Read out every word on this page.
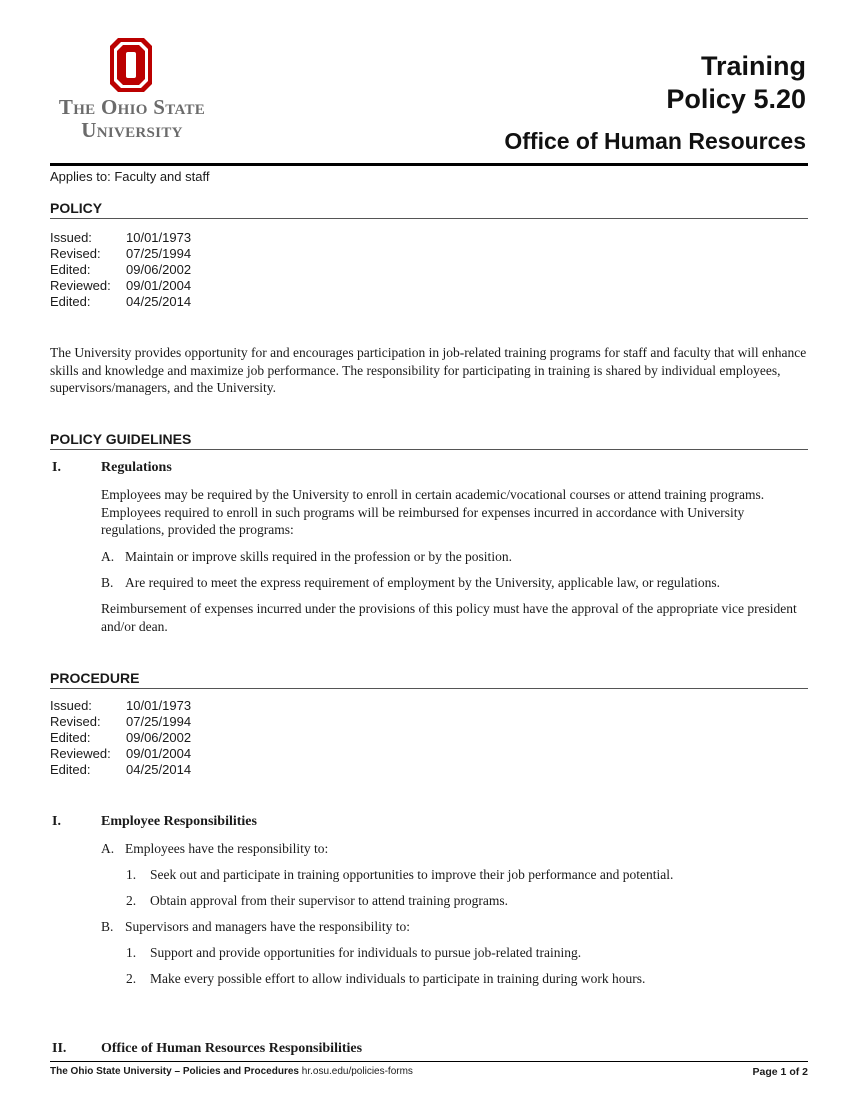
The Ohio State
University
Training
Policy 5.20
Office of Human Resources
Applies to: Faculty and staff
POLICY
Issued:	10/01/1973
Revised:	07/25/1994
Edited:	09/06/2002
Reviewed:	09/01/2004
Edited:	04/25/2014
The University provides opportunity for and encourages participation in job-related training programs for staff and faculty that will enhance skills and knowledge and maximize job performance. The responsibility for participating in training is shared by individual employees, supervisors/managers, and the University.
POLICY GUIDELINES
I.	Regulations
Employees may be required by the University to enroll in certain academic/vocational courses or attend training programs. Employees required to enroll in such programs will be reimbursed for expenses incurred in accordance with University regulations, provided the programs:
A. Maintain or improve skills required in the profession or by the position.
B. Are required to meet the express requirement of employment by the University, applicable law, or regulations.
Reimbursement of expenses incurred under the provisions of this policy must have the approval of the appropriate vice president and/or dean.
PROCEDURE
Issued:	10/01/1973
Revised:	07/25/1994
Edited:	09/06/2002
Reviewed:	09/01/2004
Edited:	04/25/2014
I.	Employee Responsibilities
A. Employees have the responsibility to:
1. Seek out and participate in training opportunities to improve their job performance and potential.
2. Obtain approval from their supervisor to attend training programs.
B. Supervisors and managers have the responsibility to:
1. Support and provide opportunities for individuals to pursue job-related training.
2. Make every possible effort to allow individuals to participate in training during work hours.
II. Office of Human Resources Responsibilities
The Ohio State University – Policies and Procedures hr.osu.edu/policies-forms	Page 1 of 2
